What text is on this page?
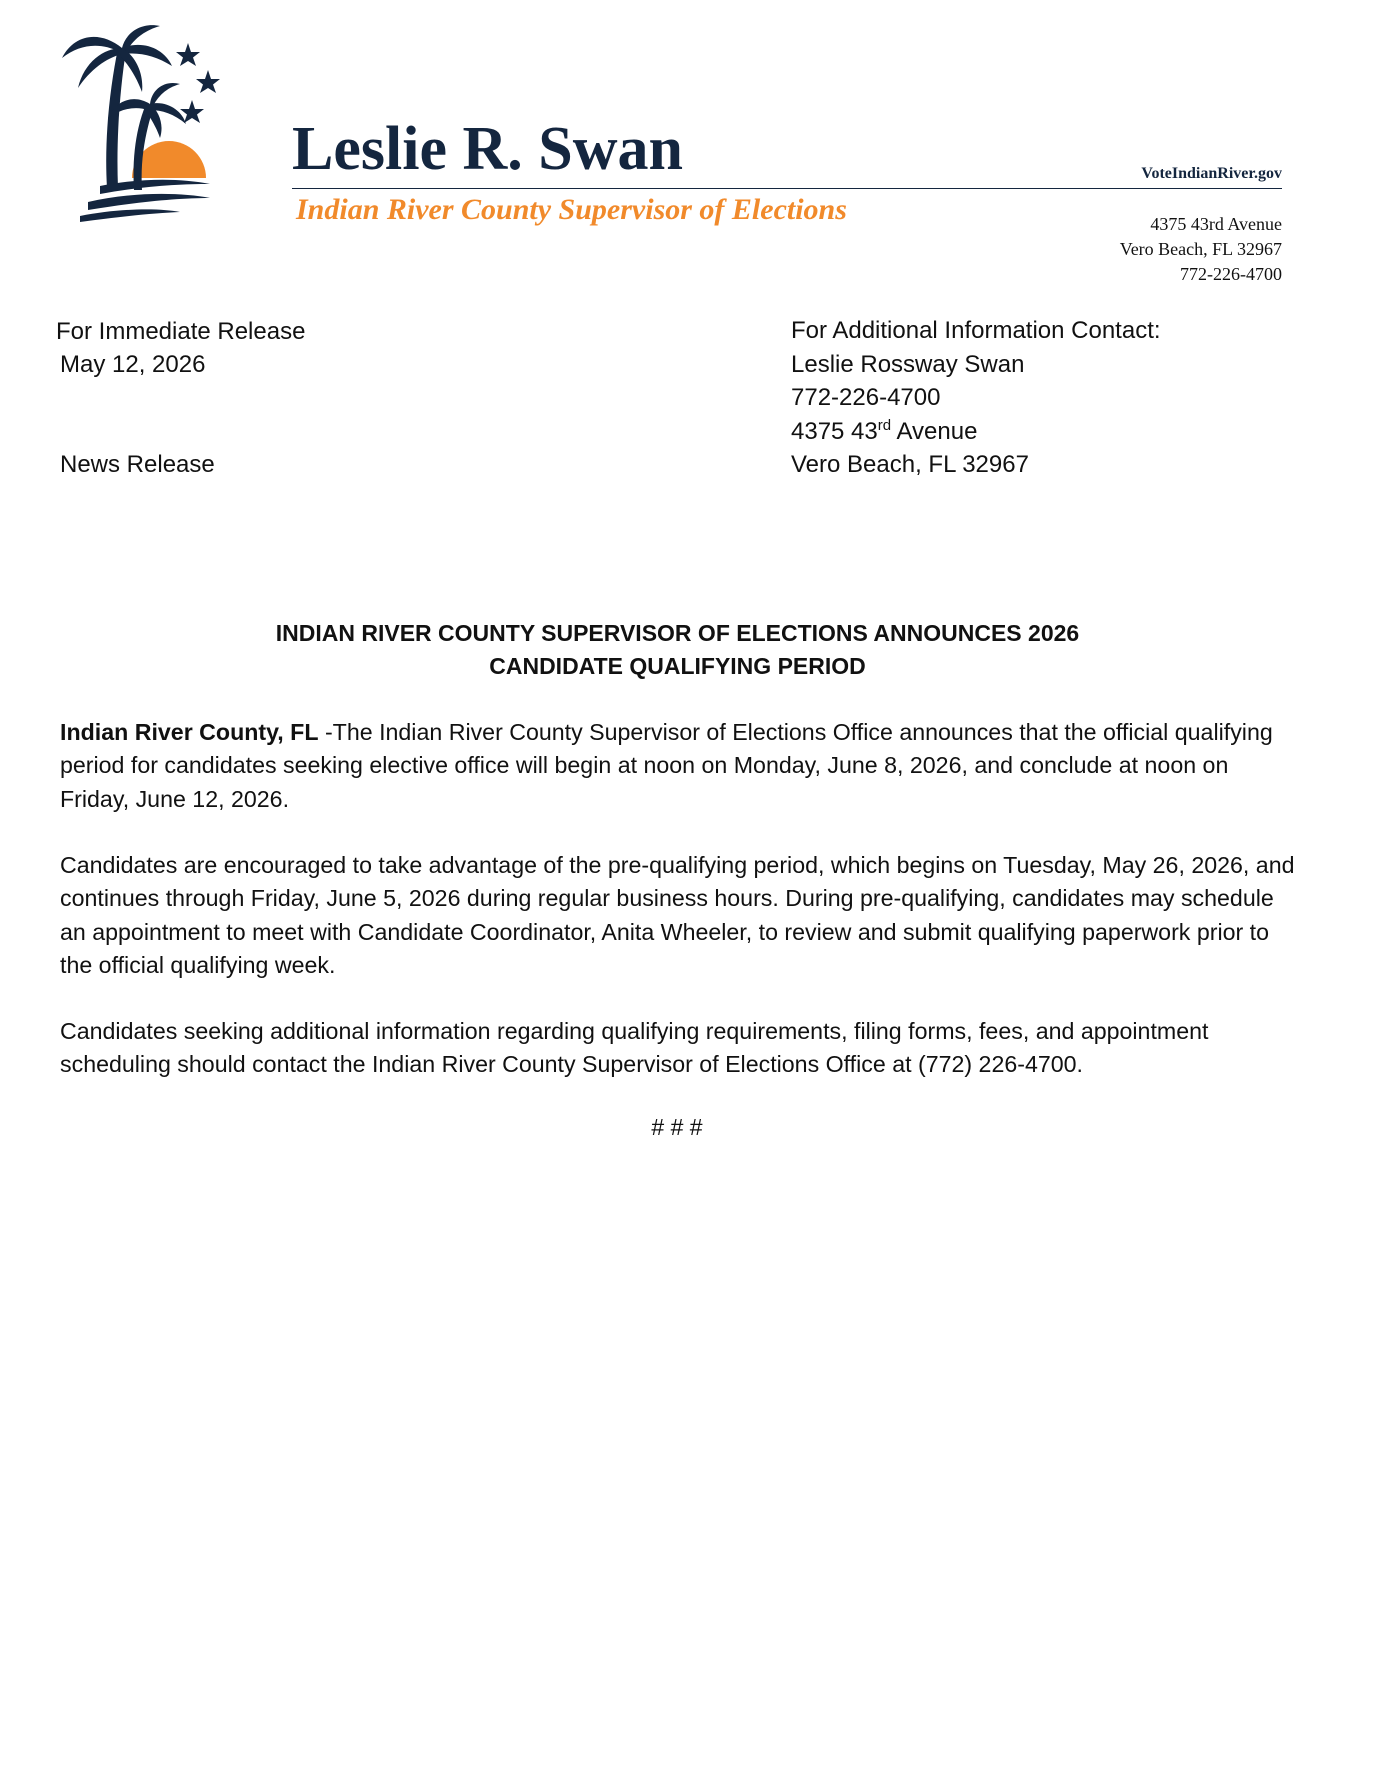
Leslie R. Swan
Indian River County Supervisor of Elections
VoteIndianRiver.gov
4375 43rd Avenue
Vero Beach, FL 32967
772-226-4700
For Immediate Release
May 12, 2026
News Release
For Additional Information Contact:
Leslie Rossway Swan
772-226-4700
4375 43rd Avenue
Vero Beach, FL 32967
INDIAN RIVER COUNTY SUPERVISOR OF ELECTIONS ANNOUNCES 2026
CANDIDATE QUALIFYING PERIOD

Indian River County, FL -The Indian River County Supervisor of Elections Office announces that the official qualifying period for candidates seeking elective office will begin at noon on Monday, June 8, 2026, and conclude at noon on Friday, June 12, 2026.

Candidates are encouraged to take advantage of the pre-qualifying period, which begins on Tuesday, May 26, 2026, and continues through Friday, June 5, 2026 during regular business hours. During pre-qualifying, candidates may schedule an appointment to meet with Candidate Coordinator, Anita Wheeler, to review and submit qualifying paperwork prior to the official qualifying week.

Candidates seeking additional information regarding qualifying requirements, filing forms, fees, and appointment scheduling should contact the Indian River County Supervisor of Elections Office at (772) 226-4700.

# # #
